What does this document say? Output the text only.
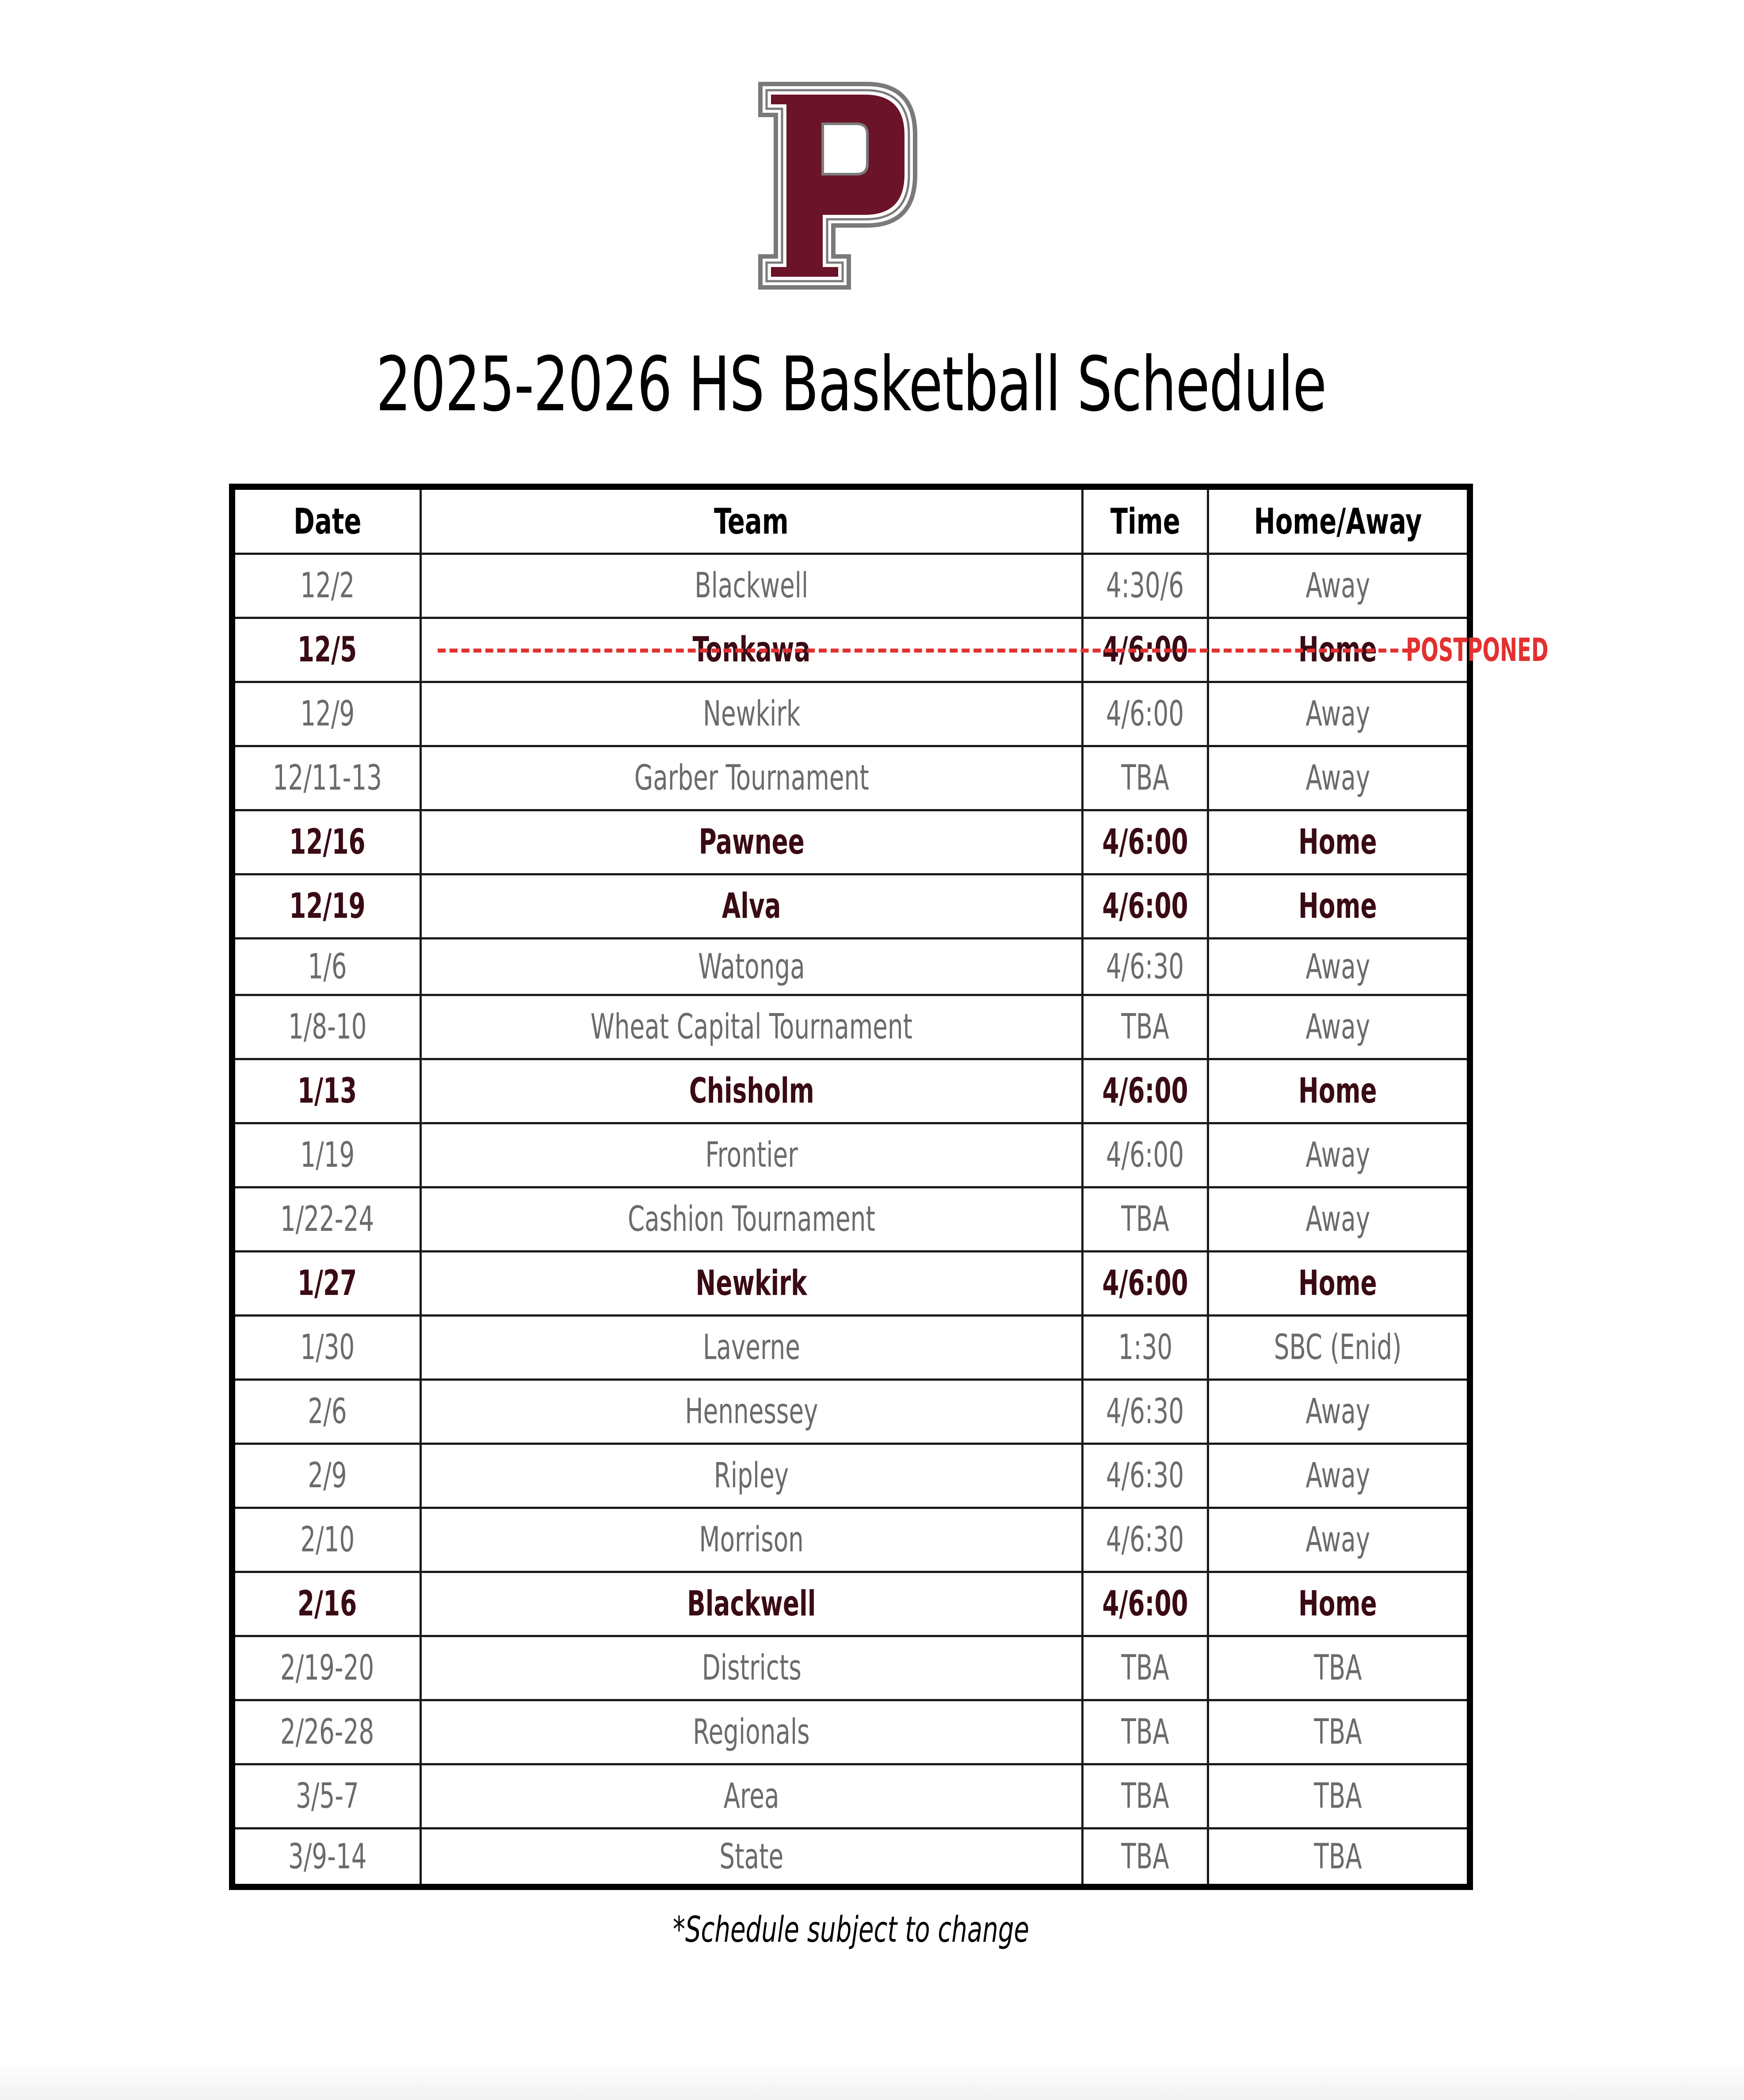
2025-2026 HS Basketball Schedule
Date	Team	Time	Home/Away
12/2	Blackwell	4:30/6	Away
12/5	Tonkawa	4/6:00	Home
12/9	Newkirk	4/6:00	Away
12/11-13	Garber Tournament	TBA	Away
12/16	Pawnee	4/6:00	Home
12/19	Alva	4/6:00	Home
1/6	Watonga	4/6:30	Away
1/8-10	Wheat Capital Tournament	TBA	Away
1/13	Chisholm	4/6:00	Home
1/19	Frontier	4/6:00	Away
1/22-24	Cashion Tournament	TBA	Away
1/27	Newkirk	4/6:00	Home
1/30	Laverne	1:30	SBC (Enid)
2/6	Hennessey	4/6:30	Away
2/9	Ripley	4/6:30	Away
2/10	Morrison	4/6:30	Away
2/16	Blackwell	4/6:00	Home
2/19-20	Districts	TBA	TBA
2/26-28	Regionals	TBA	TBA
3/5-7	Area	TBA	TBA
3/9-14	State	TBA	TBA
POSTPONED
*Schedule subject to change
